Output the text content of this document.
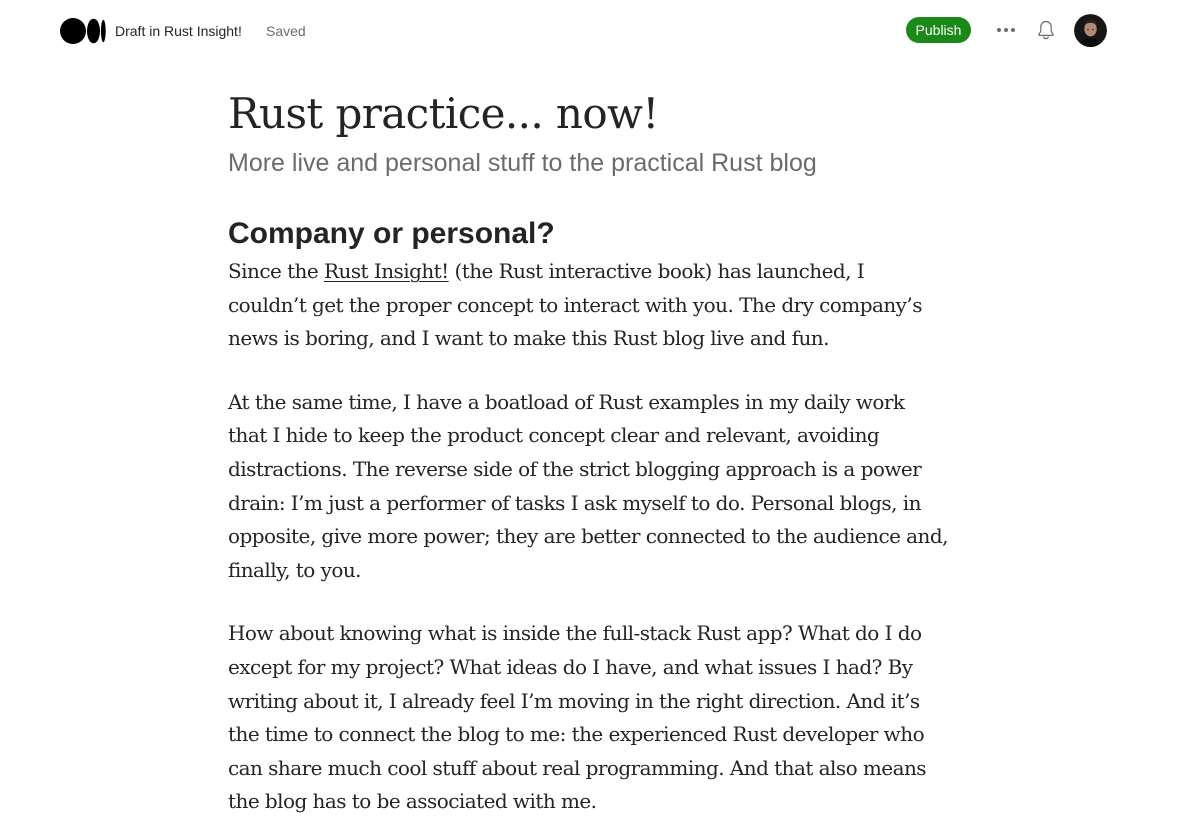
Draft in Rust Insight! Saved	Publish
Rust practice... now!
More live and personal stuff to the practical Rust blog
Company or personal?

Since the Rust Insight! (the Rust interactive book) has launched, I couldn’t get the proper concept to interact with you. The dry company’s news is boring, and I want to make this Rust blog live and fun.

At the same time, I have a boatload of Rust examples in my daily work that I hide to keep the product concept clear and relevant, avoiding distractions. The reverse side of the strict blogging approach is a power drain: I’m just a performer of tasks I ask myself to do. Personal blogs, in opposite, give more power; they are better connected to the audience and, finally, to you.

How about knowing what is inside the full-stack Rust app? What do I do except for my project? What ideas do I have, and what issues I had? By writing about it, I already feel I’m moving in the right direction. And it’s the time to connect the blog to me: the experienced Rust developer who can share much cool stuff about real programming. And that also means the blog has to be associated with me.
